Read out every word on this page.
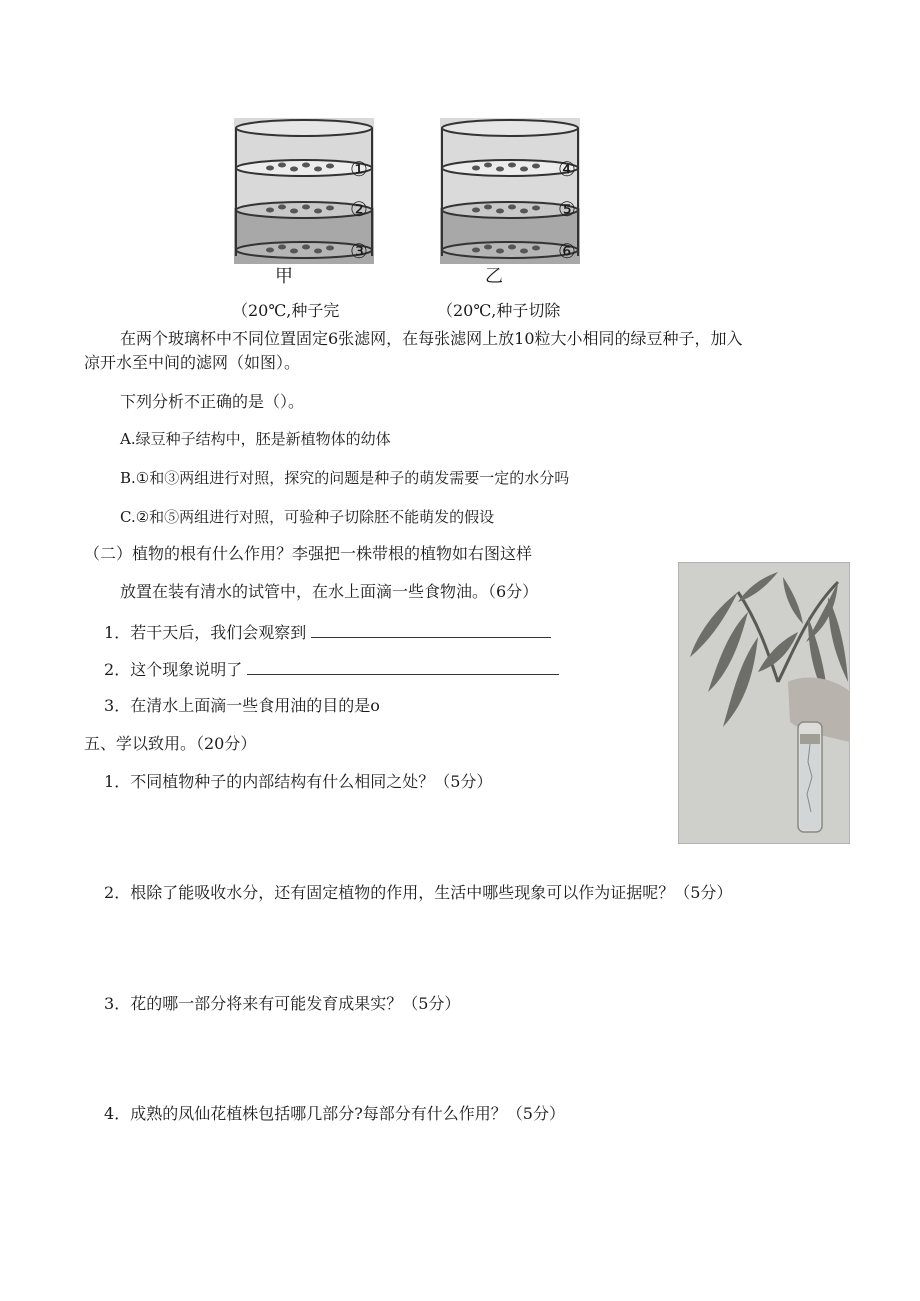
①
②
③
甲
（20℃,种子完
④
⑤
⑥
乙
（20℃,种子切除
在两个玻璃杯中不同位置固定6张滤网，在每张滤网上放10粒大小相同的绿豆种子，加入
凉开水至中间的滤网（如图）。
下列分析不正确的是（）。
A.绿豆种子结构中，胚是新植物体的幼体
B.①和③两组进行对照，探究的问题是种子的萌发需要一定的水分吗
C.②和⑤两组进行对照，可验种子切除胚不能萌发的假设
（二）植物的根有什么作用？李强把一株带根的植物如右图这样
放置在装有清水的试管中，在水上面滴一些食物油。（6分）
1．若干天后，我们会观察到
2．这个现象说明了
3．在清水上面滴一些食用油的目的是o
五、学以致用。（20分）
1．不同植物种子的内部结构有什么相同之处？（5分）
2．根除了能吸收水分，还有固定植物的作用，生活中哪些现象可以作为证据呢？（5分）
3．花的哪一部分将来有可能发育成果实？（5分）
4．成熟的凤仙花植株包括哪几部分?每部分有什么作用？（5分）
